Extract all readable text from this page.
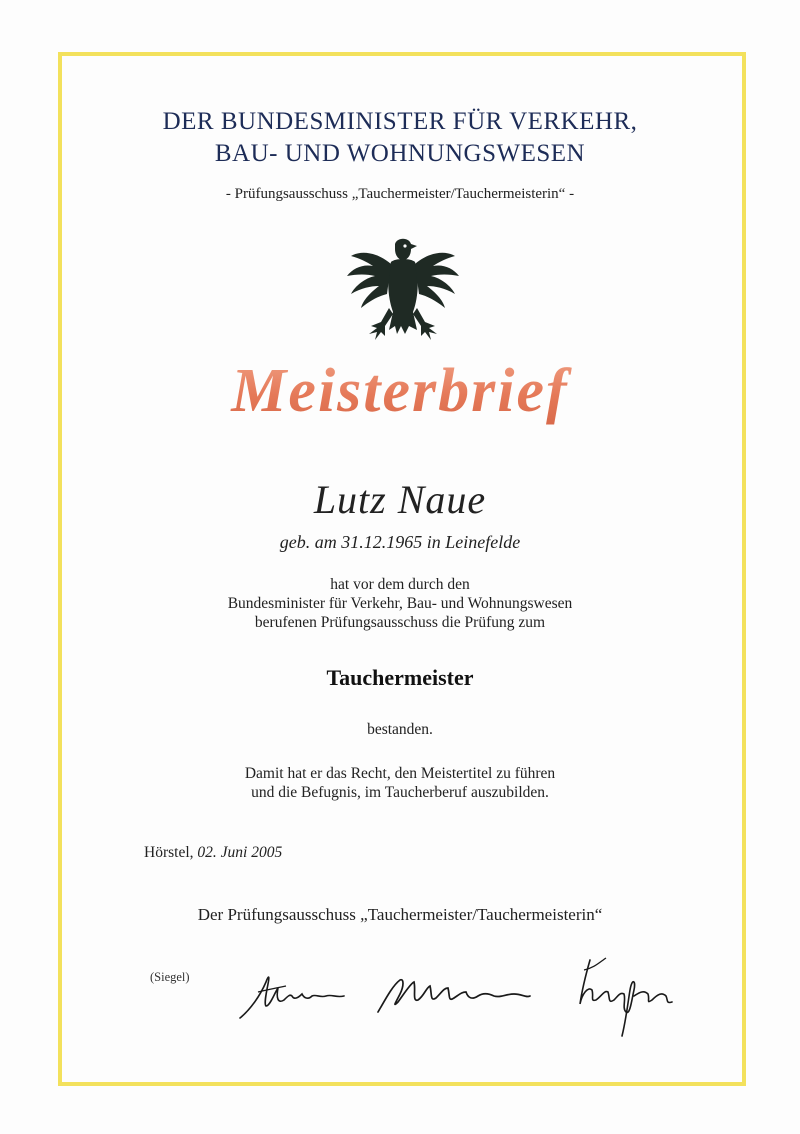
DER BUNDESMINISTER FÜR VERKEHR,
BAU- UND WOHNUNGSWESEN
- Prüfungsausschuss „Tauchermeister/Tauchermeisterin“ -
Meisterbrief
Lutz Naue
geb. am 31.12.1965 in Leinefelde
hat vor dem durch den
Bundesminister für Verkehr, Bau- und Wohnungswesen
berufenen Prüfungsausschuss die Prüfung zum
Tauchermeister
bestanden.
Damit hat er das Recht, den Meistertitel zu führen
und die Befugnis, im Taucherberuf auszubilden.
Hörstel, 02. Juni 2005
Der Prüfungsausschuss „Tauchermeister/Tauchermeisterin“
(Siegel)
